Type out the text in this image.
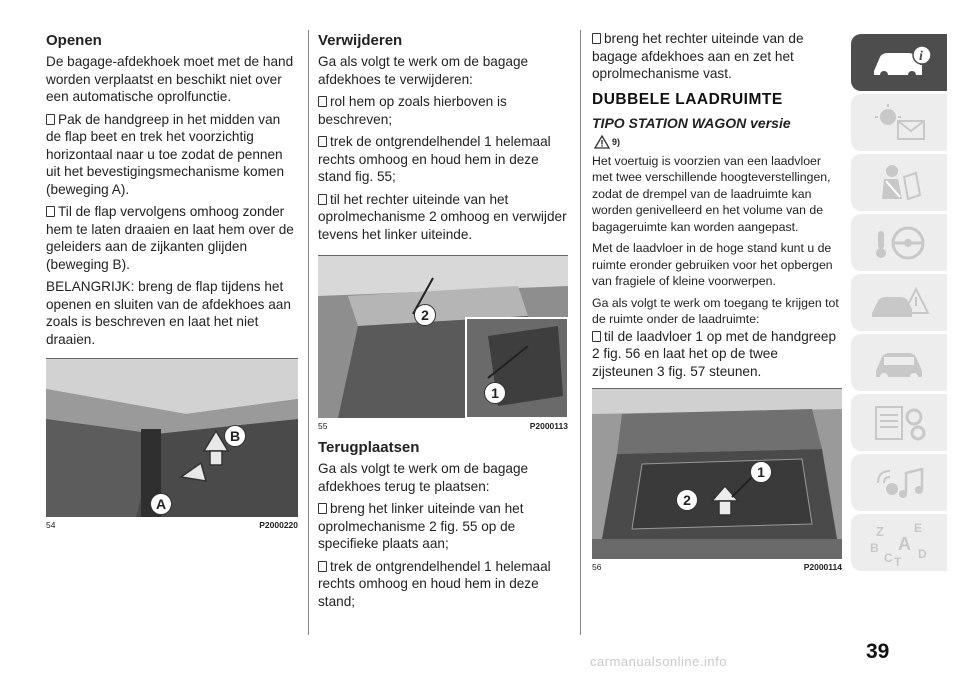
Openen

De bagage-afdekhoek moet met de hand worden verplaatst en beschikt niet over een automatische oprolfunctie.

Pak de handgreep in het midden van de flap beet en trek het voorzichtig horizontaal naar u toe zodat de pennen uit het bevestigingsmechanisme komen (beweging A).

Til de flap vervolgens omhoog zonder hem te laten draaien en laat hem over de geleiders aan de zijkanten glijden (beweging B).

BELANGRIJK: breng de flap tijdens het openen en sluiten van de afdekhoes aan zoals is beschreven en laat het niet draaien.

B
A
54	P2000220
Verwijderen

Ga als volgt te werk om de bagage afdekhoes te verwijderen:

rol hem op zoals hierboven is beschreven;

trek de ontgrendelhendel 1 helemaal rechts omhoog en houd hem in deze stand fig. 55;

til het rechter uiteinde van het oprolmechanisme 2 omhoog en verwijder tevens het linker uiteinde.

2
1
55	P2000113
Terugplaatsen

Ga als volgt te werk om de bagage afdekhoes terug te plaatsen:

breng het linker uiteinde van het oprolmechanisme 2 fig. 55 op de specifieke plaats aan;

trek de ontgrendelhendel 1 helemaal rechts omhoog en houd hem in deze stand;

breng het rechter uiteinde van de bagage afdekhoes aan en zet het oprolmechanisme vast.

DUBBELE LAADRUIMTE
TIPO STATION WAGON versie
9)

Het voertuig is voorzien van een laadvloer met twee verschillende hoogteverstellingen, zodat de drempel van de laadruimte kan worden genivelleerd en het volume van de bagageruimte kan worden aangepast.

Met de laadvloer in de hoge stand kunt u de ruimte eronder gebruiken voor het opbergen van fragiele of kleine voorwerpen.

Ga als volgt te werk om toegang te krijgen tot de ruimte onder de laadruimte:

til de laadvloer 1 op met de handgreep 2 fig. 56 en laat het op de twee zijsteunen 3 fig. 57 steunen.

1
2
56	P2000114
i
Z	E
B A
C T
D
39
carmanualsonline.info
